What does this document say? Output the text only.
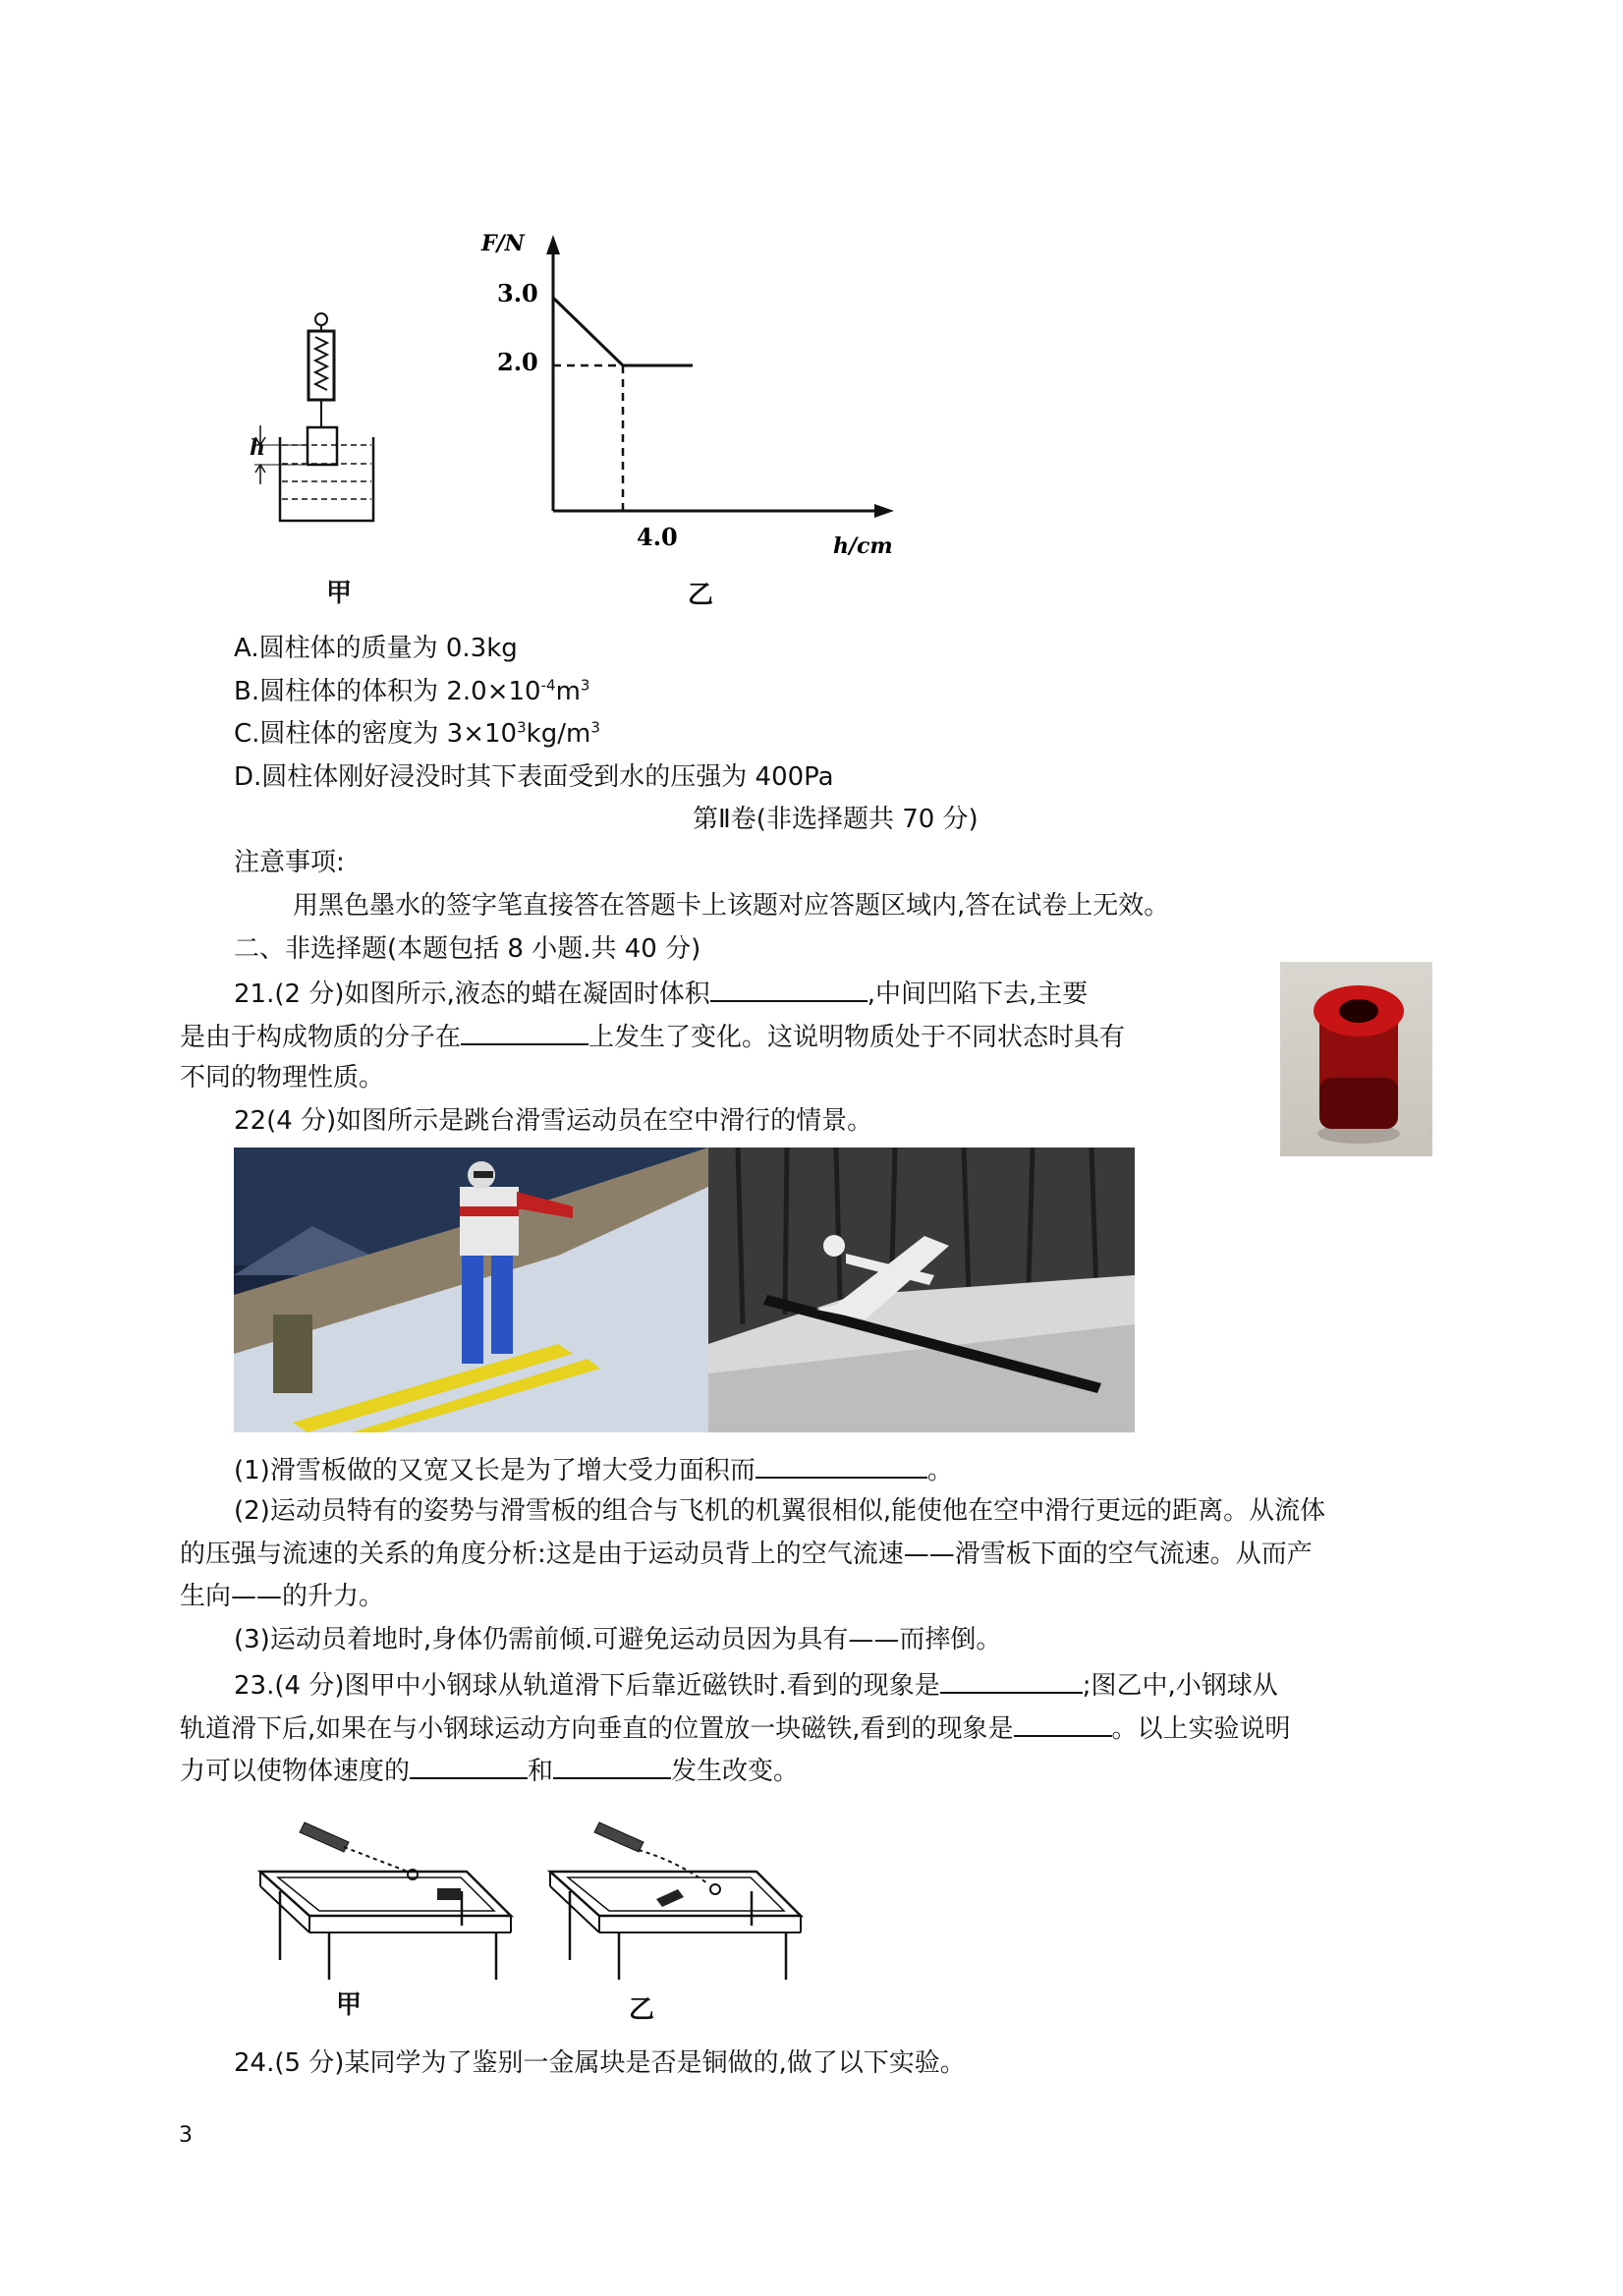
h
甲
F/N
3.0
2.0
4.0	h/cm
乙
A.圆柱体的质量为 0.3kg
B.圆柱体的体积为 $2.0\times 10^{-4}m^3$
C.圆柱体的密度为 $3\times 10^3kg/m^3$
D.圆柱体刚好浸没时其下表面受到水的压强为 400Pa
第Ⅱ卷(非选择题共 70 分)
注意事项:
用黑色墨水的签字笔直接答在答题卡上该题对应答题区域内,答在试卷上无效。
二、非选择题(本题包括 8 小题.共 40 分)
21.(2 分)如图所示,液态的蜡在凝固时体积	,中间凹陷下去,主要
是由于构成物质的分子在	上发生了变化。这说明物质处于不同状态时具有
不同的物理性质。
22(4 分)如图所示是跳台滑雪运动员在空中滑行的情景。
(1)滑雪板做的又宽又长是为了增大受力面积而	。
(2)运动员特有的姿势与滑雪板的组合与飞机的机翼很相似,能使他在空中滑行更远的距离。从流体
的压强与流速的关系的角度分析:这是由于运动员背上的空气流速——滑雪板下面的空气流速。从而产
生向——的升力。
(3)运动员着地时,身体仍需前倾.可避免运动员因为具有——而摔倒。
23.(4 分)图甲中小钢球从轨道滑下后靠近磁铁时.看到的现象是	;图乙中,小钢球从
轨道滑下后,如果在与小钢球运动方向垂直的位置放一块磁铁,看到的现象是	。以上实验说明
力可以使物体速度的	和	发生改变。
甲	乙
24.(5 分)某同学为了鉴别一金属块是否是铜做的,做了以下实验。
3
